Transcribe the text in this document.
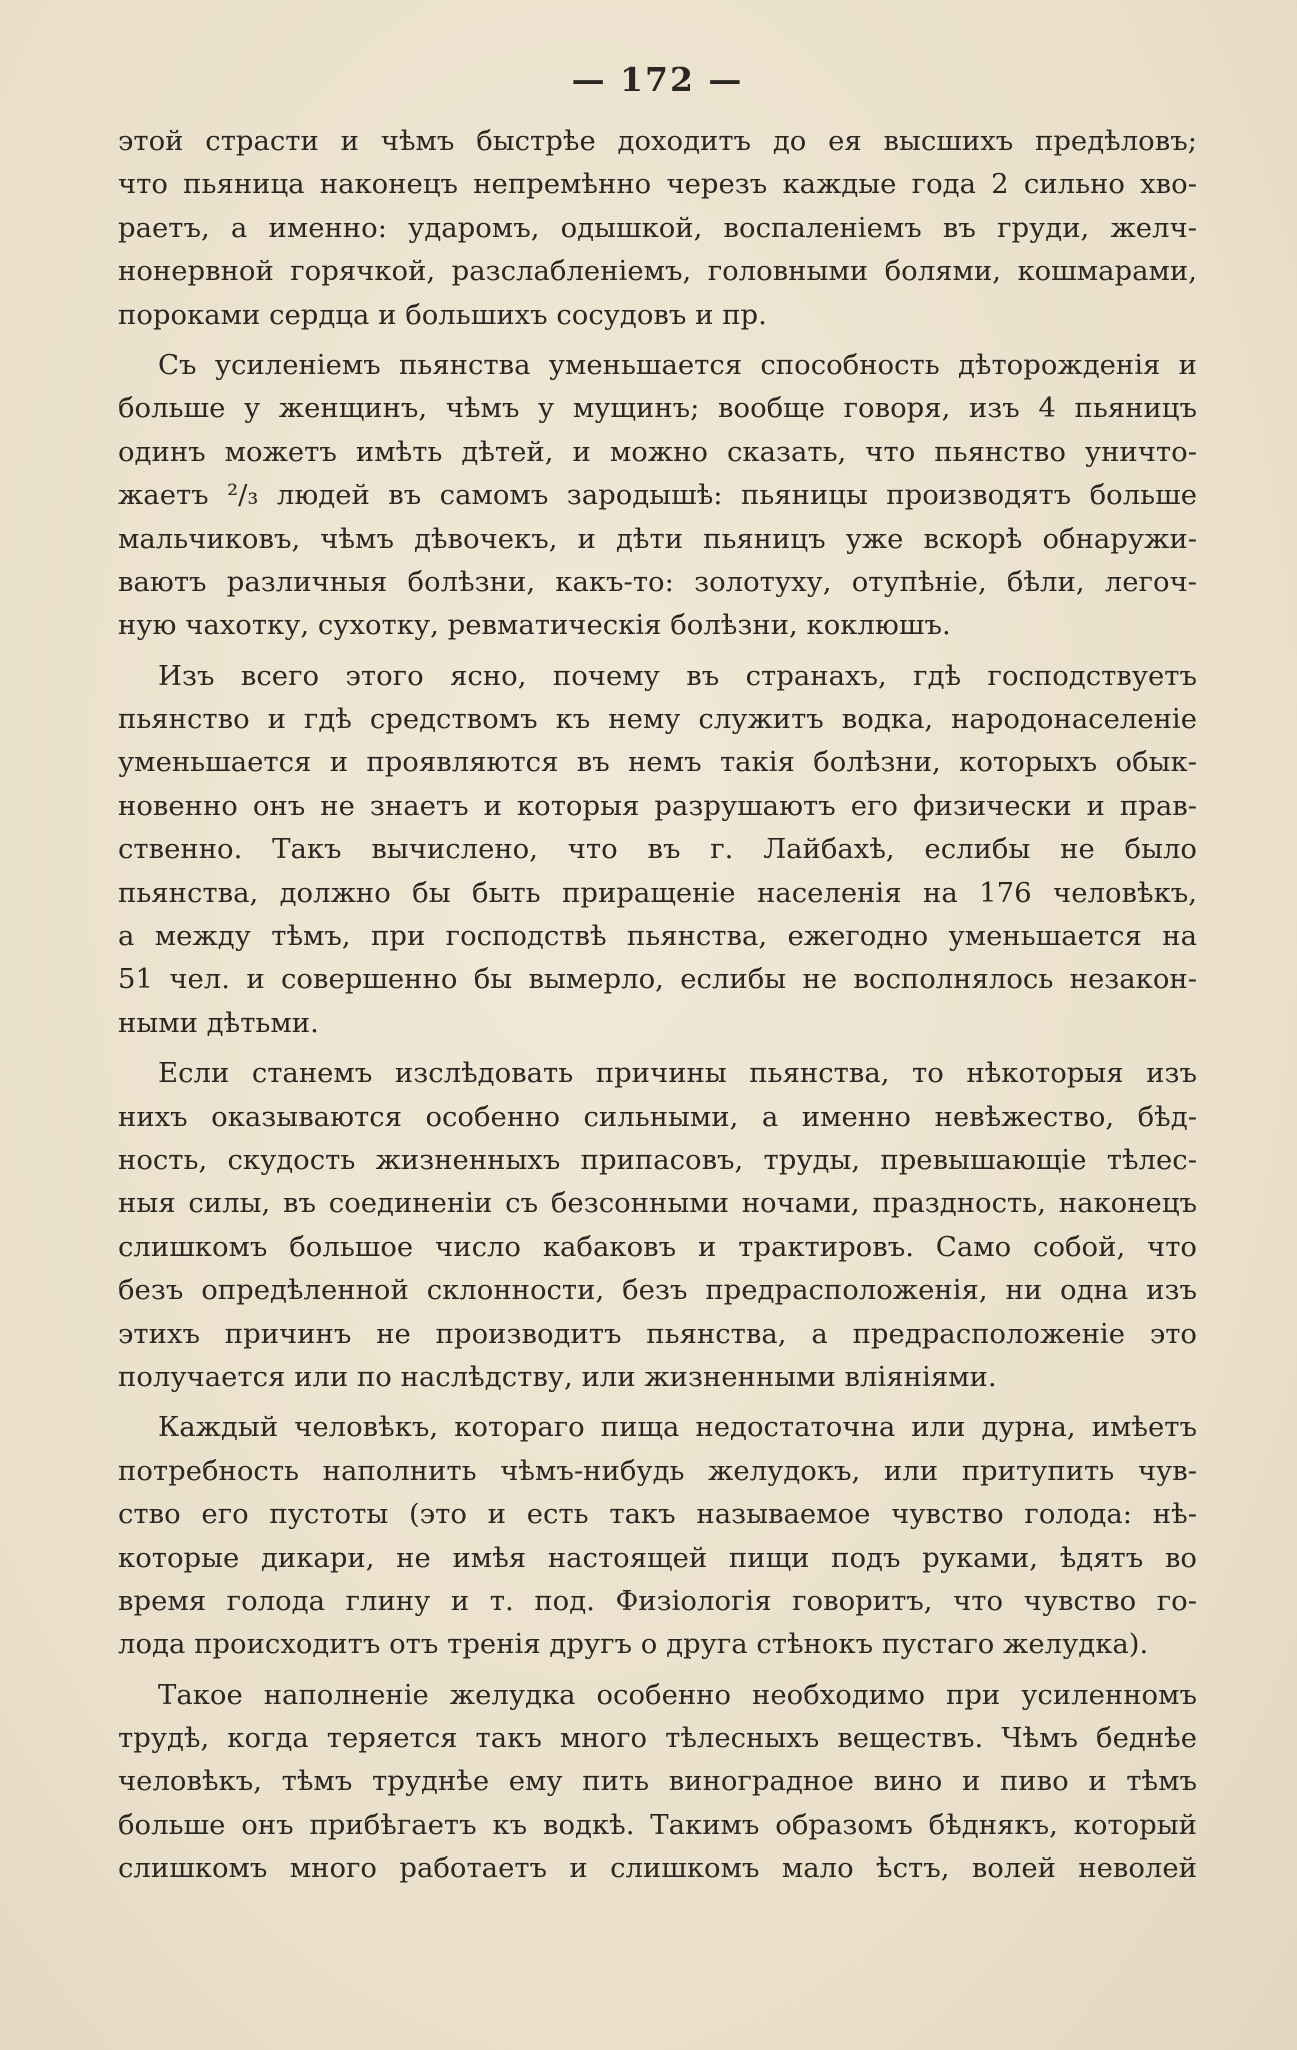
— 172 —
этой страсти и чѣмъ быстрѣе доходитъ до ея высшихъ предѣловъ;
что пьяница наконецъ непремѣнно черезъ каждые года 2 сильно хво-
раетъ, а именно: ударомъ, одышкой, воспаленіемъ въ груди, желч-
нонервной горячкой, разслабленіемъ, головными болями, кошмарами,
пороками сердца и большихъ сосудовъ и пр.
Съ усиленіемъ пьянства уменьшается способность дѣторожденія и
больше у женщинъ, чѣмъ у мущинъ; вообще говоря, изъ 4 пьяницъ
одинъ можетъ имѣть дѣтей, и можно сказать, что пьянство уничто-
жаетъ ²/₃ людей въ самомъ зародышѣ: пьяницы производятъ больше
мальчиковъ, чѣмъ дѣвочекъ, и дѣти пьяницъ уже вскорѣ обнаружи-
ваютъ различныя болѣзни, какъ-то: золотуху, отупѣніе, бѣли, легоч-
ную чахотку, сухотку, ревматическія болѣзни, коклюшъ.
Изъ всего этого ясно, почему въ странахъ, гдѣ господствуетъ
пьянство и гдѣ средствомъ къ нему служитъ водка, народонаселеніе
уменьшается и проявляются въ немъ такія болѣзни, которыхъ обык-
новенно онъ не знаетъ и которыя разрушаютъ его физически и прав-
ственно. Такъ вычислено, что въ г. Лайбахѣ, еслибы не было
пьянства, должно бы быть приращеніе населенія на 176 человѣкъ,
а между тѣмъ, при господствѣ пьянства, ежегодно уменьшается на
51 чел. и совершенно бы вымерло, еслибы не восполнялось незакон-
ными дѣтьми.
Если станемъ изслѣдовать причины пьянства, то нѣкоторыя изъ
нихъ оказываются особенно сильными, а именно невѣжество, бѣд-
ность, скудость жизненныхъ припасовъ, труды, превышающіе тѣлес-
ныя силы, въ соединеніи съ безсонными ночами, праздность, наконецъ
слишкомъ большое число кабаковъ и трактировъ. Само собой, что
безъ опредѣленной склонности, безъ предрасположенія, ни одна изъ
этихъ причинъ не производитъ пьянства, а предрасположеніе это
получается или по наслѣдству, или жизненными вліяніями.
Каждый человѣкъ, котораго пища недостаточна или дурна, имѣетъ
потребность наполнить чѣмъ-нибудь желудокъ, или притупить чув-
ство его пустоты (это и есть такъ называемое чувство голода: нѣ-
которые дикари, не имѣя настоящей пищи подъ руками, ѣдятъ во
время голода глину и т. под. Физіологія говоритъ, что чувство го-
лода происходитъ отъ тренія другъ о друга стѣнокъ пустаго желудка).
Такое наполненіе желудка особенно необходимо при усиленномъ
трудѣ, когда теряется такъ много тѣлесныхъ веществъ. Чѣмъ беднѣе
человѣкъ, тѣмъ труднѣе ему пить виноградное вино и пиво и тѣмъ
больше онъ прибѣгаетъ къ водкѣ. Такимъ образомъ бѣднякъ, который
слишкомъ много работаетъ и слишкомъ мало ѣстъ, волей неволей
